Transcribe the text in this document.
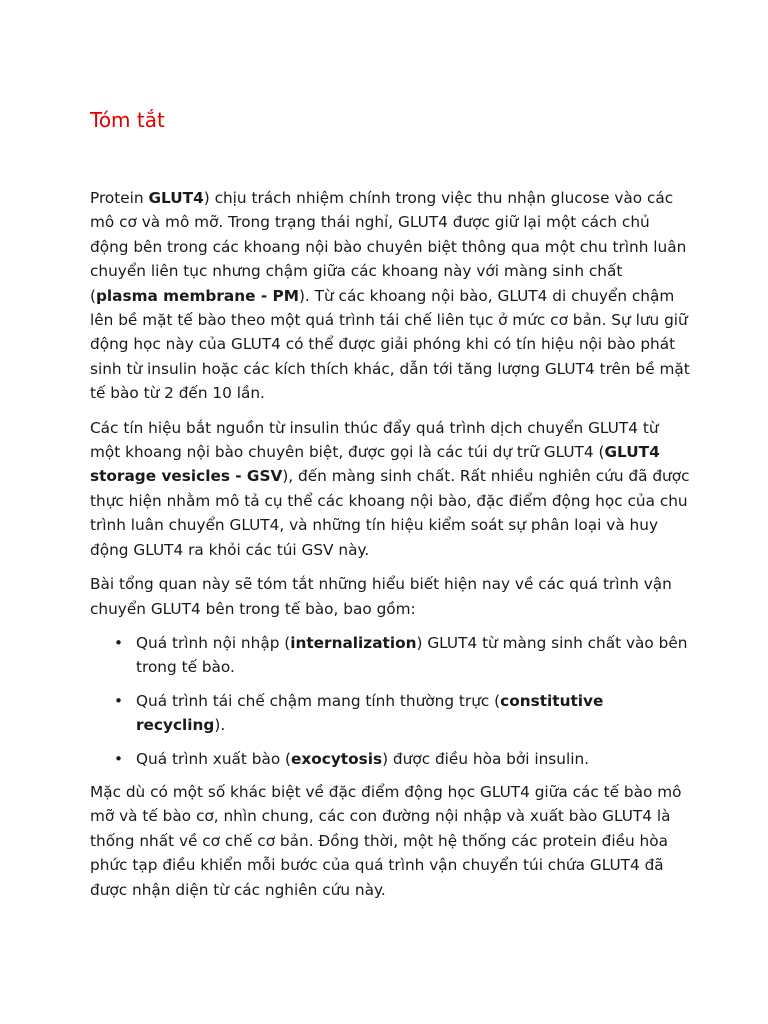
Tóm tắt

Protein GLUT4) chịu trách nhiệm chính trong việc thu nhận glucose vào các mô cơ và mô mỡ. Trong trạng thái nghỉ, GLUT4 được giữ lại một cách chủ động bên trong các khoang nội bào chuyên biệt thông qua một chu trình luân chuyển liên tục nhưng chậm giữa các khoang này với màng sinh chất (plasma membrane - PM). Từ các khoang nội bào, GLUT4 di chuyển chậm lên bề mặt tế bào theo một quá trình tái chế liên tục ở mức cơ bản. Sự lưu giữ động học này của GLUT4 có thể được giải phóng khi có tín hiệu nội bào phát sinh từ insulin hoặc các kích thích khác, dẫn tới tăng lượng GLUT4 trên bề mặt tế bào từ 2 đến 10 lần.

Các tín hiệu bắt nguồn từ insulin thúc đẩy quá trình dịch chuyển GLUT4 từ một khoang nội bào chuyên biệt, được gọi là các túi dự trữ GLUT4 (GLUT4 storage vesicles - GSV), đến màng sinh chất. Rất nhiều nghiên cứu đã được thực hiện nhằm mô tả cụ thể các khoang nội bào, đặc điểm động học của chu trình luân chuyển GLUT4, và những tín hiệu kiểm soát sự phân loại và huy động GLUT4 ra khỏi các túi GSV này.

Bài tổng quan này sẽ tóm tắt những hiểu biết hiện nay về các quá trình vận chuyển GLUT4 bên trong tế bào, bao gồm:

• Quá trình nội nhập (internalization) GLUT4 từ màng sinh chất vào bên trong tế bào.
• Quá trình tái chế chậm mang tính thường trực (constitutive recycling).
• Quá trình xuất bào (exocytosis) được điều hòa bởi insulin.

Mặc dù có một số khác biệt về đặc điểm động học GLUT4 giữa các tế bào mô mỡ và tế bào cơ, nhìn chung, các con đường nội nhập và xuất bào GLUT4 là thống nhất về cơ chế cơ bản. Đồng thời, một hệ thống các protein điều hòa phức tạp điều khiển mỗi bước của quá trình vận chuyển túi chứa GLUT4 đã được nhận diện từ các nghiên cứu này.
